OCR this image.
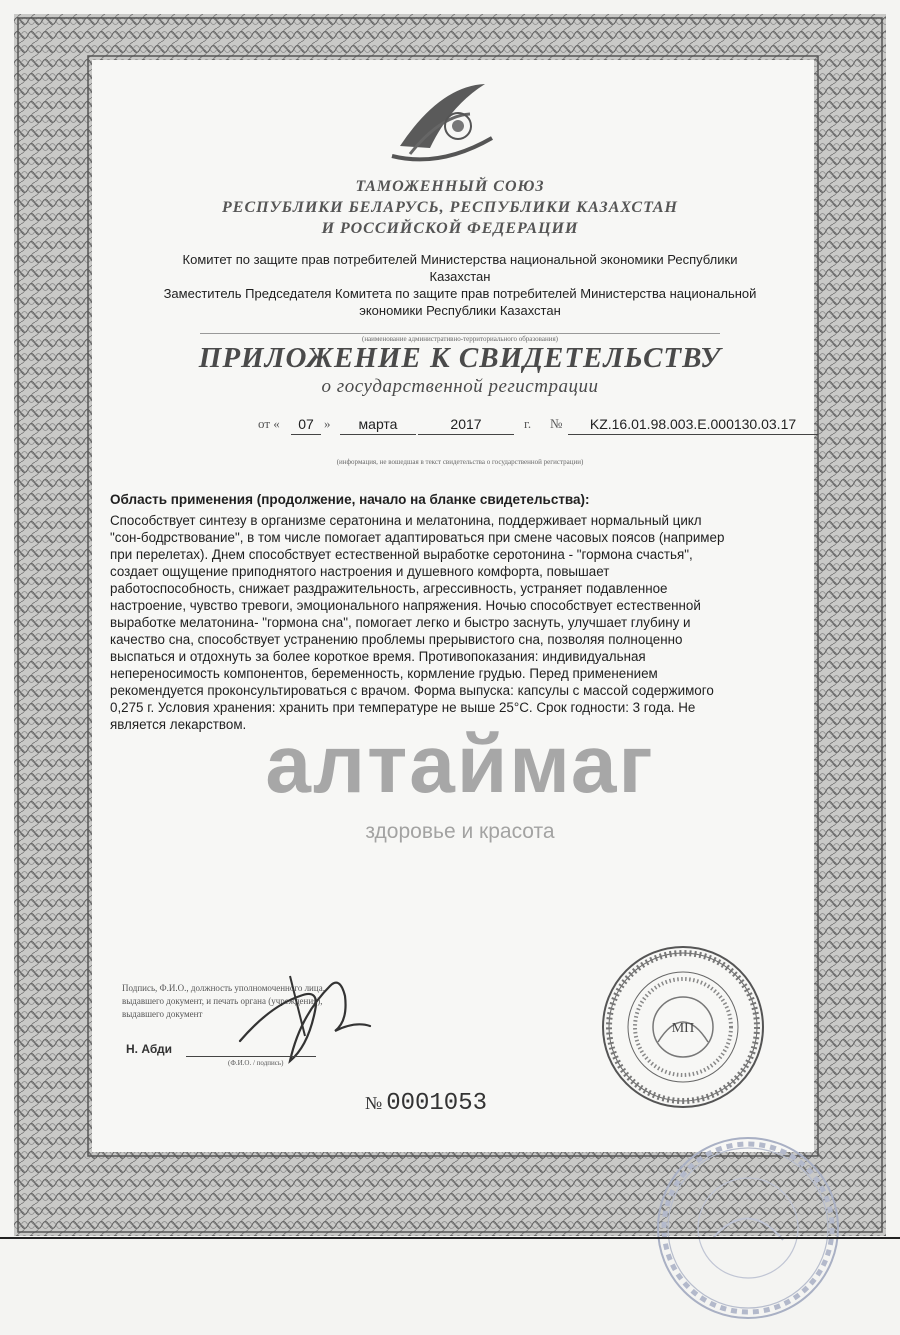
ТАМОЖЕННЫЙ СОЮЗ
РЕСПУБЛИКИ БЕЛАРУСЬ, РЕСПУБЛИКИ КАЗАХСТАН
И РОССИЙСКОЙ ФЕДЕРАЦИИ
Комитет по защите прав потребителей Министерства национальной экономики Республики
Казахстан
Заместитель Председателя Комитета по защите прав потребителей Министерства национальной
экономики Республики Казахстан
(наименование административно-территориального образования)
ПРИЛОЖЕНИЕ К СВИДЕТЕЛЬСТВУ
о государственной регистрации
от «	07 »	марта	2017	г. №	KZ.16.01.98.003.E.000130.03.17
(информация, не вошедшая в текст свидетельства о государственной регистрации)
Область применения (продолжение, начало на бланке свидетельства):
Способствует синтезу в организме сератонина и мелатонина, поддерживает нормальный цикл
"сон-бодрствование", в том числе помогает адаптироваться при смене часовых поясов (например
при перелетах). Днем способствует естественной выработке серотонина - "гормона счастья",
создает ощущение приподнятого настроения и душевного комфорта, повышает
работоспособность, снижает раздражительность, агрессивность, устраняет подавленное
настроение, чувство тревоги, эмоционального напряжения. Ночью способствует естественной
выработке мелатонина- "гормона сна", помогает легко и быстро заснуть, улучшает глубину и
качество сна, способствует устранению проблемы прерывистого сна, позволяя полноценно
выспаться и отдохнуть за более короткое время. Противопоказания: индивидуальная
непереносимость компонентов, беременность, кормление грудью. Перед применением
рекомендуется проконсультироваться с врачом. Форма выпуска: капсулы с массой содержимого
0,275 г. Условия хранения: хранить при температуре не выше 25°С. Срок годности: 3 года. Не
является лекарством. алтаймаг
здоровье и красота
Подпись, Ф.И.О., должность уполномоченного лица,
выдавшего документ, и печать органа (учреждения),
выдавшего документ
Н. Абди
(Ф.И.О. / подпись)
№ 0001053
МП
